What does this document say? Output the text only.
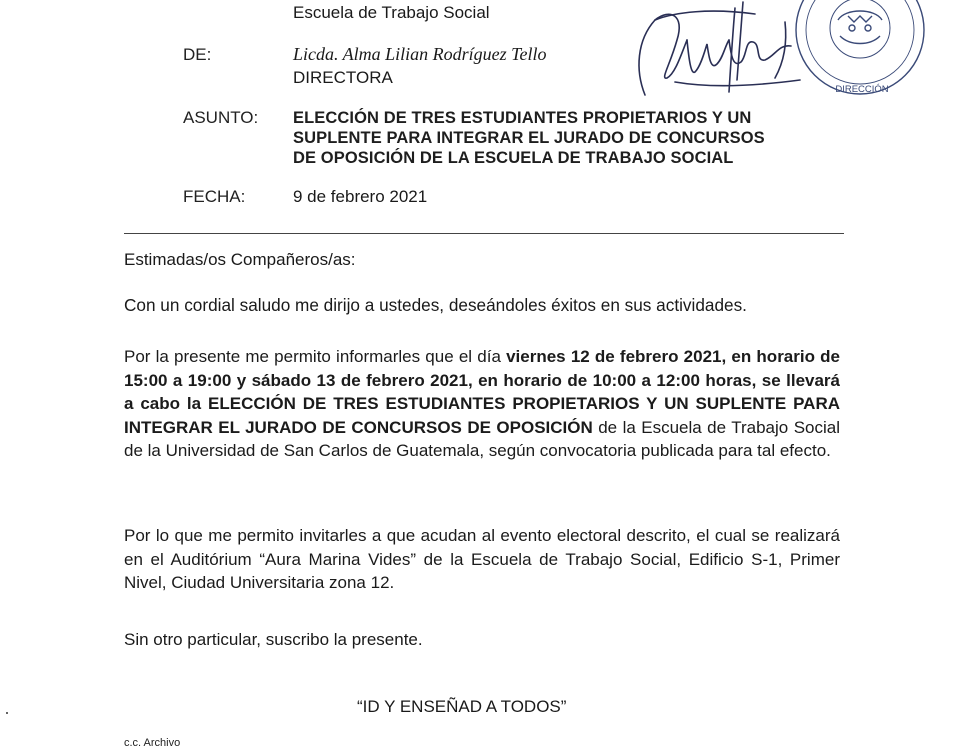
Escuela de Trabajo Social
DE:	Licda. Alma Lilian Rodríguez Tello
DIRECTORA
ASUNTO: ELECCIÓN DE TRES ESTUDIANTES PROPIETARIOS Y UN
SUPLENTE PARA INTEGRAR EL JURADO DE CONCURSOS
DE OPOSICIÓN DE LA ESCUELA DE TRABAJO SOCIAL
FECHA:	9 de febrero 2021
DIRECCIÓN
Estimadas/os Compañeros/as:
Con un cordial saludo me dirijo a ustedes, deseándoles éxitos en sus actividades.
Por la presente me permito informarles que el día viernes 12 de febrero 2021, en horario de 15:00 a 19:00 y sábado 13 de febrero 2021, en horario de 10:00 a 12:00 horas, se llevará a cabo la ELECCIÓN DE TRES ESTUDIANTES PROPIETARIOS Y UN SUPLENTE PARA INTEGRAR EL JURADO DE CONCURSOS DE OPOSICIÓN de la Escuela de Trabajo Social de la Universidad de San Carlos de Guatemala, según convocatoria publicada para tal efecto.
Por lo que me permito invitarles a que acudan al evento electoral descrito, el cual se realizará en el Auditórium “Aura Marina Vides” de la Escuela de Trabajo Social, Edificio S-1, Primer Nivel, Ciudad Universitaria zona 12.
Sin otro particular, suscribo la presente.
“ID Y ENSEÑAD A TODOS”
c.c. Archivo
